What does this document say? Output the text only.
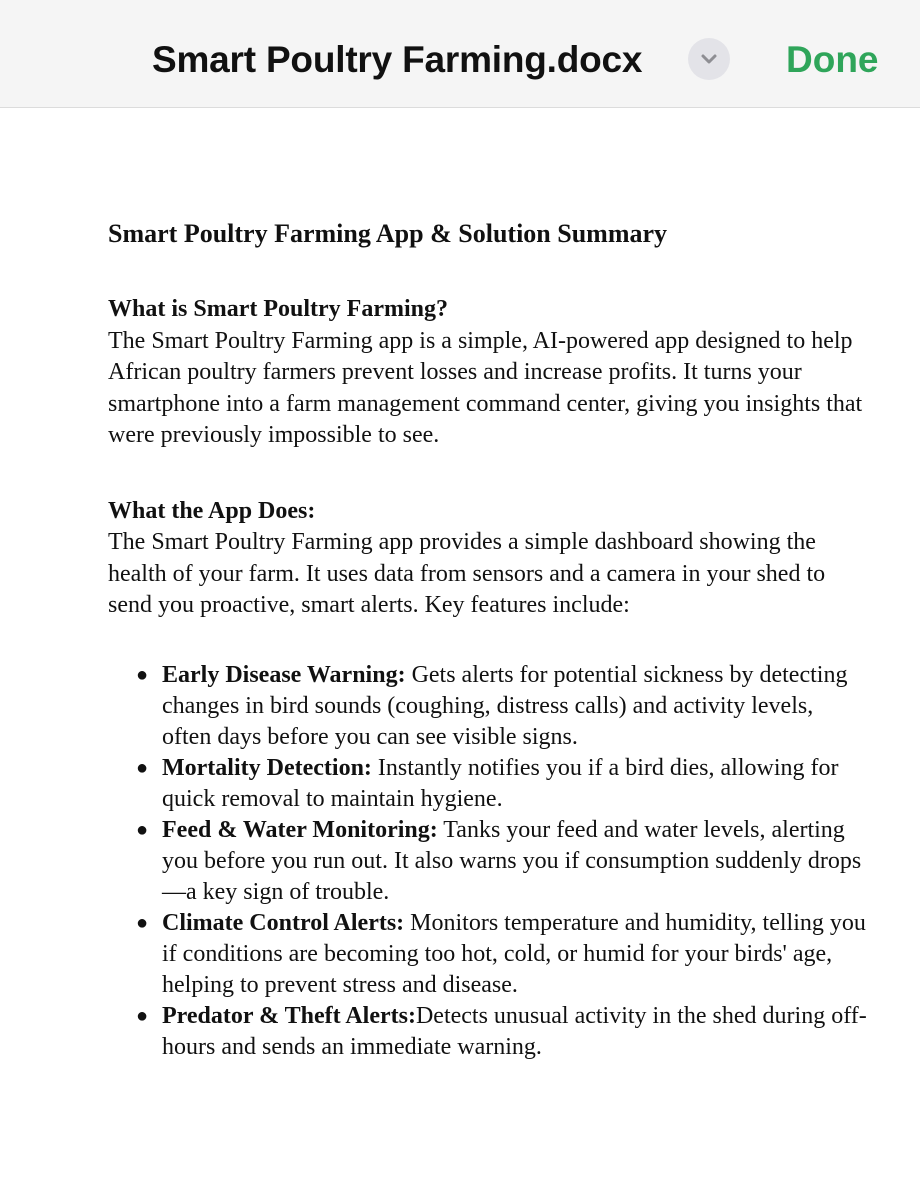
Smart Poultry Farming.docx	Done

Smart Poultry Farming App & Solution Summary

What is Smart Poultry Farming?

The Smart Poultry Farming app is a simple, AI-powered app designed to help African poultry farmers prevent losses and increase profits. It turns your smartphone into a farm management command center, giving you insights that were previously impossible to see.

What the App Does:

The Smart Poultry Farming app provides a simple dashboard showing the health of your farm. It uses data from sensors and a camera in your shed to send you proactive, smart alerts. Key features include:

● Early Disease Warning: Gets alerts for potential sickness by detecting changes in bird sounds (coughing, distress calls) and activity levels, often days before you can see visible signs.
● Mortality Detection: Instantly notifies you if a bird dies, allowing for quick removal to maintain hygiene.
● Feed & Water Monitoring: Tanks your feed and water levels, alerting you before you run out. It also warns you if consumption suddenly drops—a key sign of trouble.
● Climate Control Alerts: Monitors temperature and humidity, telling you if conditions are becoming too hot, cold, or humid for your birds' age, helping to prevent stress and disease.
● Predator & Theft Alerts:Detects unusual activity in the shed during off-hours and sends an immediate warning.
